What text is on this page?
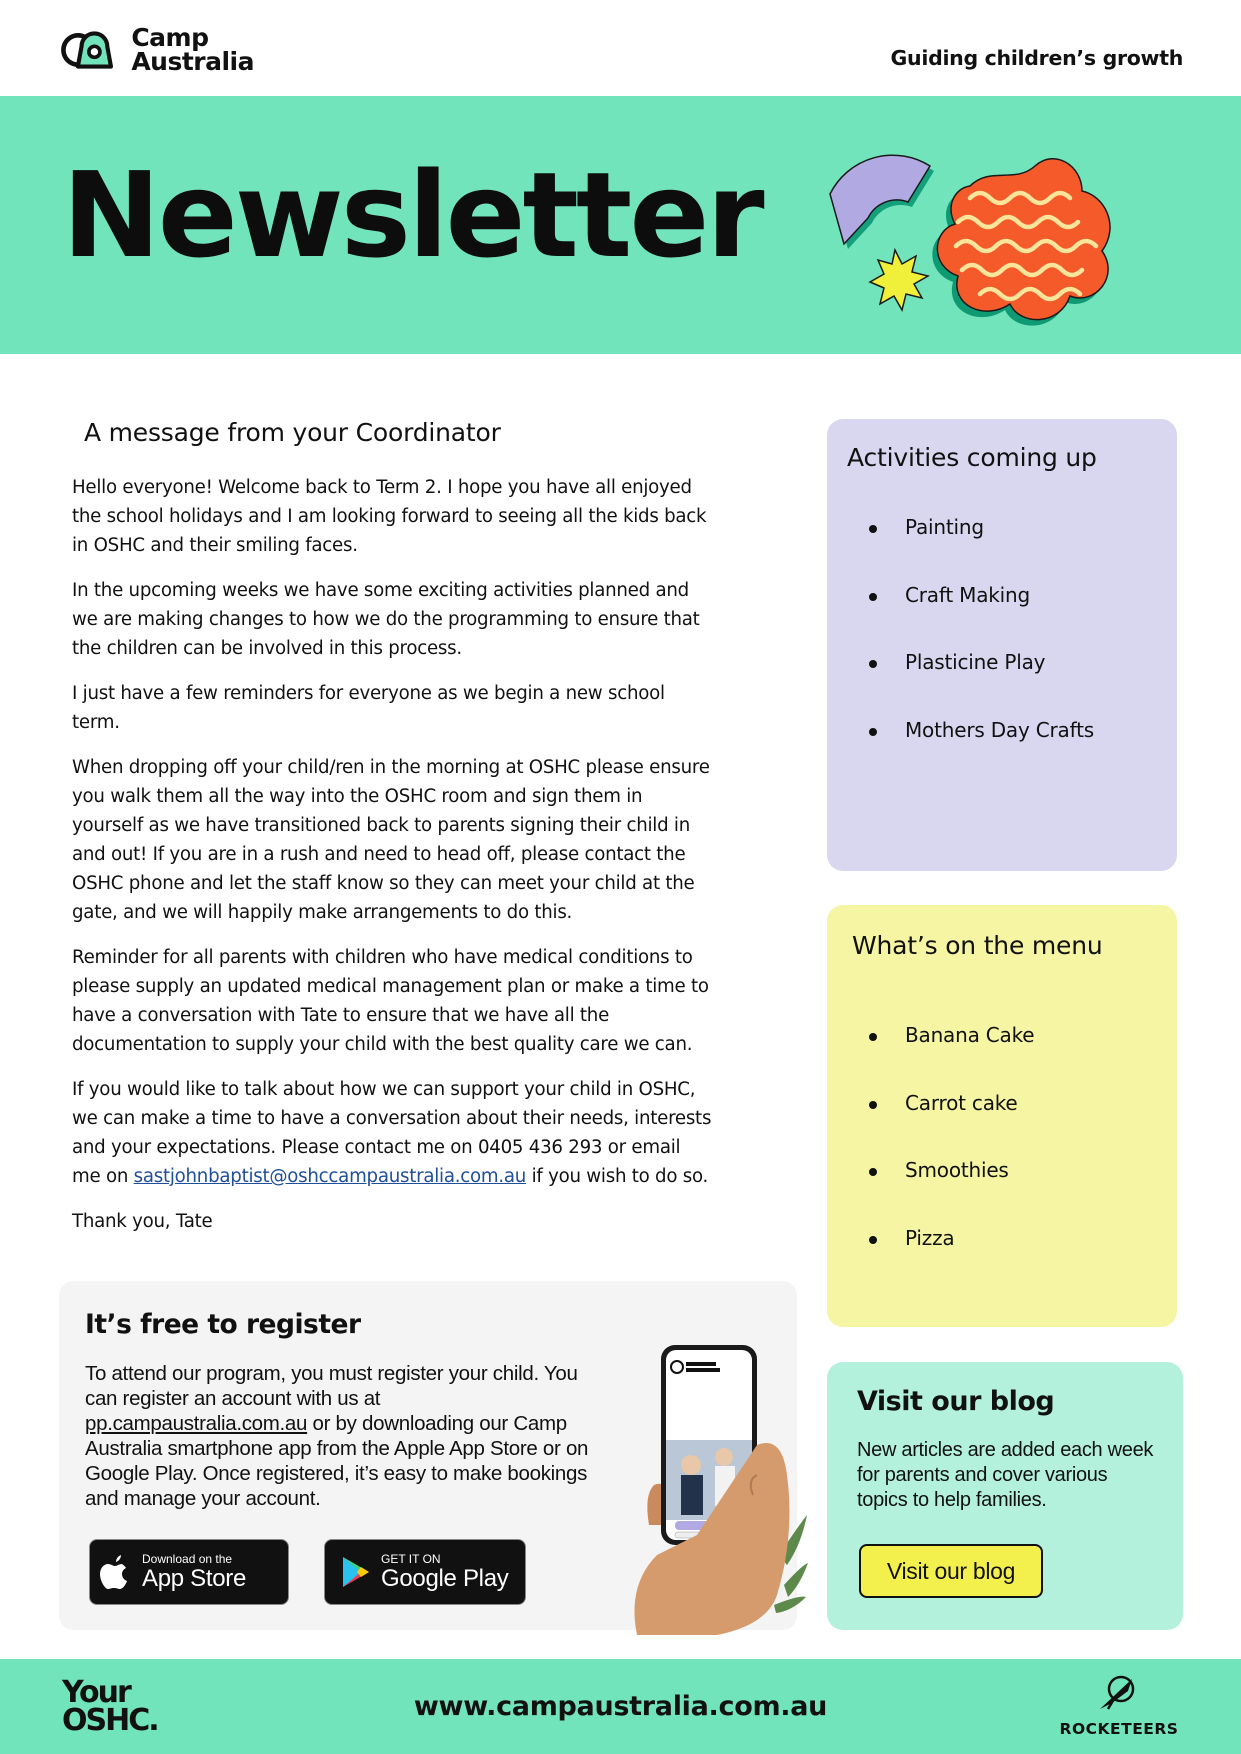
Camp
Australia	Guiding children’s growth
Newsletter
A message from your Coordinator

Hello everyone! Welcome back to Term 2. I hope you have all enjoyed the school holidays and I am looking forward to seeing all the kids back in OSHC and their smiling faces.

In the upcoming weeks we have some exciting activities planned and we are making changes to how we do the programming to ensure that the children can be involved in this process.

I just have a few reminders for everyone as we begin a new school term.

When dropping off your child/ren in the morning at OSHC please ensure you walk them all the way into the OSHC room and sign them in yourself as we have transitioned back to parents signing their child in and out! If you are in a rush and need to head off, please contact the OSHC phone and let the staff know so they can meet your child at the gate, and we will happily make arrangements to do this.

Reminder for all parents with children who have medical conditions to please supply an updated medical management plan or make a time to have a conversation with Tate to ensure that we have all the documentation to supply your child with the best quality care we can.

If you would like to talk about how we can support your child in OSHC, we can make a time to have a conversation about their needs, interests and your expectations. Please contact me on 0405 436 293 or email me on sastjohnbaptist@oshccampaustralia.com.au if you wish to do so.

Thank you, Tate

Activities coming up
Painting
Craft Making
Plasticine Play
Mothers Day Crafts
What’s on the menu
Banana Cake
Carrot cake
Smoothies
Pizza
It’s free to register

To attend our program, you must register your child. You can register an account with us at pp.campaustralia.com.au or by downloading our Camp Australia smartphone app from the Apple App Store or on Google Play. Once registered, it’s easy to make bookings and manage your account.

Download on the
App Store
GET IT ON
Google Play
Visit our blog

New articles are added each week for parents and cover various topics to help families.

Visit our blog
Your
OSHC.	www.campaustralia.com.au
ROCKETEERS
